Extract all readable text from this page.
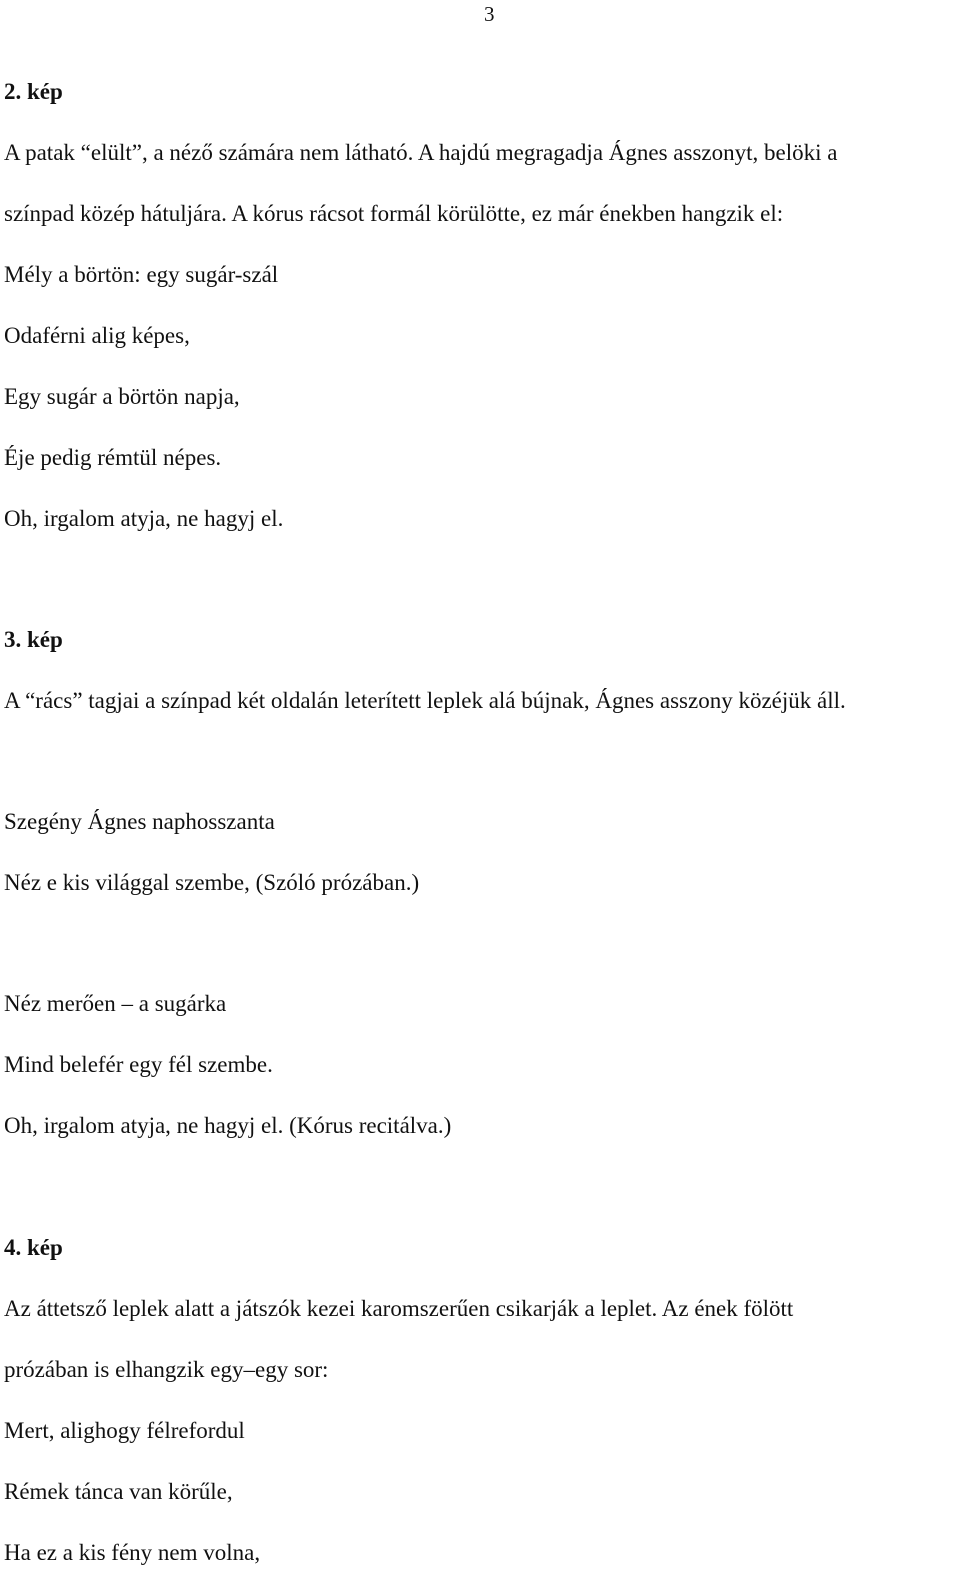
3
2. kép
A patak “elült”, a néző számára nem látható. A hajdú megragadja Ágnes asszonyt, belöki a
színpad közép hátuljára. A kórus rácsot formál körülötte, ez már énekben hangzik el:
Mély a börtön: egy sugár-szál
Odaférni alig képes,
Egy sugár a börtön napja,
Éje pedig rémtül népes.
Oh, irgalom atyja, ne hagyj el.
3. kép
A “rács” tagjai a színpad két oldalán leterített leplek alá bújnak, Ágnes asszony közéjük áll.
Szegény Ágnes naphosszanta
Néz e kis világgal szembe, (Szóló prózában.)
Néz merően – a sugárka
Mind belefér egy fél szembe.
Oh, irgalom atyja, ne hagyj el. (Kórus recitálva.)
4. kép
Az áttetsző leplek alatt a játszók kezei karomszerűen csikarják a leplet. Az ének fölött
prózában is elhangzik egy–egy sor:
Mert, alighogy félrefordul
Rémek tánca van körűle,
Ha ez a kis fény nem volna,
